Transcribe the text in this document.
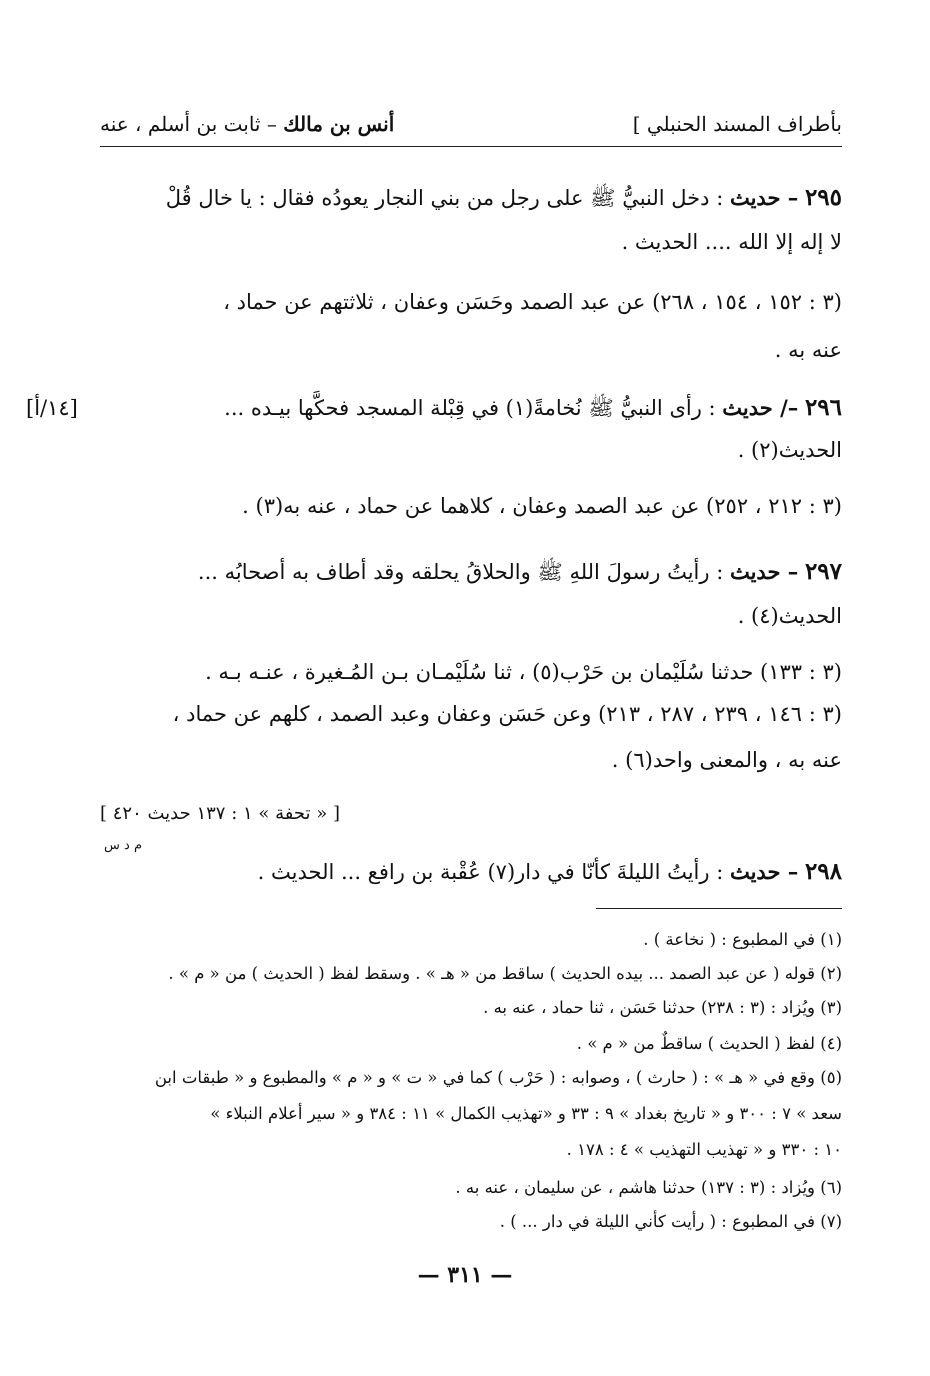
بأطراف المسند الحنبلي ]
أنس بن مالك – ثابت بن أسلم ، عنه
٢٩٥ – حديث : دخل النبيُّ ﷺ على رجل من بني النجار يعودُه فقال : يا خال قُلْ
لا إله إلا الله .... الحديث .
(٣ : ١٥٢ ، ١٥٤ ، ٢٦٨) عن عبد الصمد وحَسَن وعفان ، ثلاثتهم عن حماد ،
عنه به .
٢٩٦ –/ حديث : رأى النبيُّ ﷺ نُخامةً(١) في قِبْلة المسجد فحكَّها بيـده ...
[١٤/أ]
الحديث(٢) .
(٣ : ٢١٢ ، ٢٥٢) عن عبد الصمد وعفان ، كلاهما عن حماد ، عنه به(٣) .
٢٩٧ – حديث : رأيتُ رسولَ اللهِ ﷺ والحلاقُ يحلقه وقد أطاف به أصحابُه ...
الحديث(٤) .
(٣ : ١٣٣) حدثنا سُلَيْمان بن حَرْب(٥) ، ثنا سُلَيْمـان بـن المُـغيرة ، عنـه بـه .
(٣ : ١٤٦ ، ٢٣٩ ، ٢٨٧ ، ٢١٣) وعن حَسَن وعفان وعبد الصمد ، كلهم عن حماد ،
عنه به ، والمعنى واحد(٦) .
[ « تحفة » ١ : ١٣٧ حديث ٤٢٠ ]
م د س
٢٩٨ – حديث : رأيتُ الليلةَ كأنّا في دار(٧) عُقْبة بن رافع ... الحديث .
(١) في المطبوع : ( نخاعة ) .
(٢) قوله ( عن عبد الصمد ... بيده الحديث ) ساقط من « هـ » . وسقط لفظ ( الحديث ) من « م » .
(٣) ويُزاد : (٣ : ٢٣٨) حدثنا حَسَن ، ثنا حماد ، عنه به .
(٤) لفظ ( الحديث ) ساقطٌ من « م » .
(٥) وقع في « هـ » : ( حارث ) ، وصوابه : ( حَرْب ) كما في « ت » و « م » والمطبوع و « طبقات ابن
سعد » ٧ : ٣٠٠ و « تاريخ بغداد » ٩ : ٣٣ و «تهذيب الكمال » ١١ : ٣٨٤ و « سير أعلام النبلاء »
١٠ : ٣٣٠ و « تهذيب التهذيب » ٤ : ١٧٨ .
(٦) ويُزاد : (٣ : ١٣٧) حدثنا هاشم ، عن سليمان ، عنه به .
(٧) في المطبوع : ( رأيت كأني الليلة في دار ... ) .
— ٣١١ —
